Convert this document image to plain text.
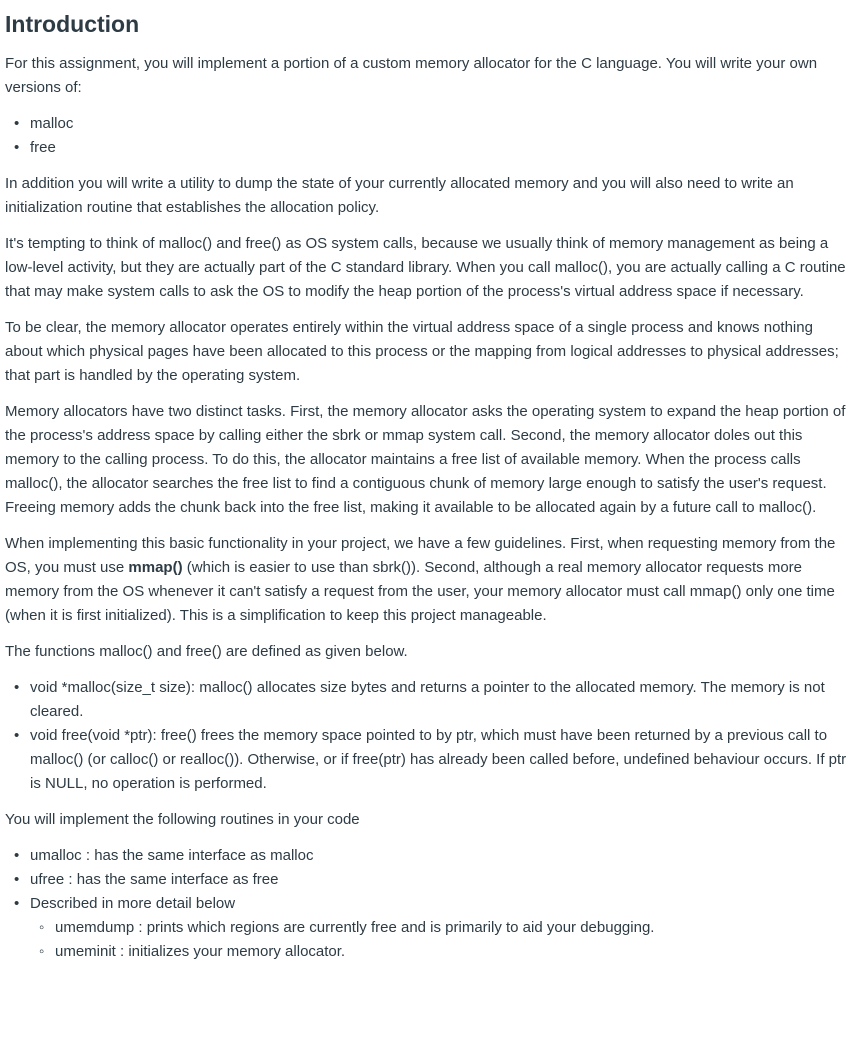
Introduction

For this assignment, you will implement a portion of a custom memory allocator for the C language. You will write your own versions of:

• malloc
• free

In addition you will write a utility to dump the state of your currently allocated memory and you will also need to write an initialization routine that establishes the allocation policy.

It's tempting to think of malloc() and free() as OS system calls, because we usually think of memory management as being a low-level activity, but they are actually part of the C standard library. When you call malloc(), you are actually calling a C routine that may make system calls to ask the OS to modify the heap portion of the process's virtual address space if necessary.

To be clear, the memory allocator operates entirely within the virtual address space of a single process and knows nothing about which physical pages have been allocated to this process or the mapping from logical addresses to physical addresses; that part is handled by the operating system.

Memory allocators have two distinct tasks. First, the memory allocator asks the operating system to expand the heap portion of the process's address space by calling either the sbrk or mmap system call. Second, the memory allocator doles out this memory to the calling process. To do this, the allocator maintains a free list of available memory. When the process calls malloc(), the allocator searches the free list to find a contiguous chunk of memory large enough to satisfy the user's request. Freeing memory adds the chunk back into the free list, making it available to be allocated again by a future call to malloc().

When implementing this basic functionality in your project, we have a few guidelines. First, when requesting memory from the OS, you must use mmap() (which is easier to use than sbrk()). Second, although a real memory allocator requests more memory from the OS whenever it can't satisfy a request from the user, your memory allocator must call mmap() only one time (when it is first initialized). This is a simplification to keep this project manageable.

The functions malloc() and free() are defined as given below.

• void *malloc(size_t size): malloc() allocates size bytes and returns a pointer to the allocated memory. The memory is not cleared.
• void free(void *ptr): free() frees the memory space pointed to by ptr, which must have been returned by a previous call to malloc() (or calloc() or realloc()). Otherwise, or if free(ptr) has already been called before, undefined behaviour occurs. If ptr is NULL, no operation is performed.

You will implement the following routines in your code

• umalloc : has the same interface as malloc
• ufree : has the same interface as free
• Described in more detail below
◦ umemdump : prints which regions are currently free and is primarily to aid your debugging.
◦ umeminit : initializes your memory allocator.
